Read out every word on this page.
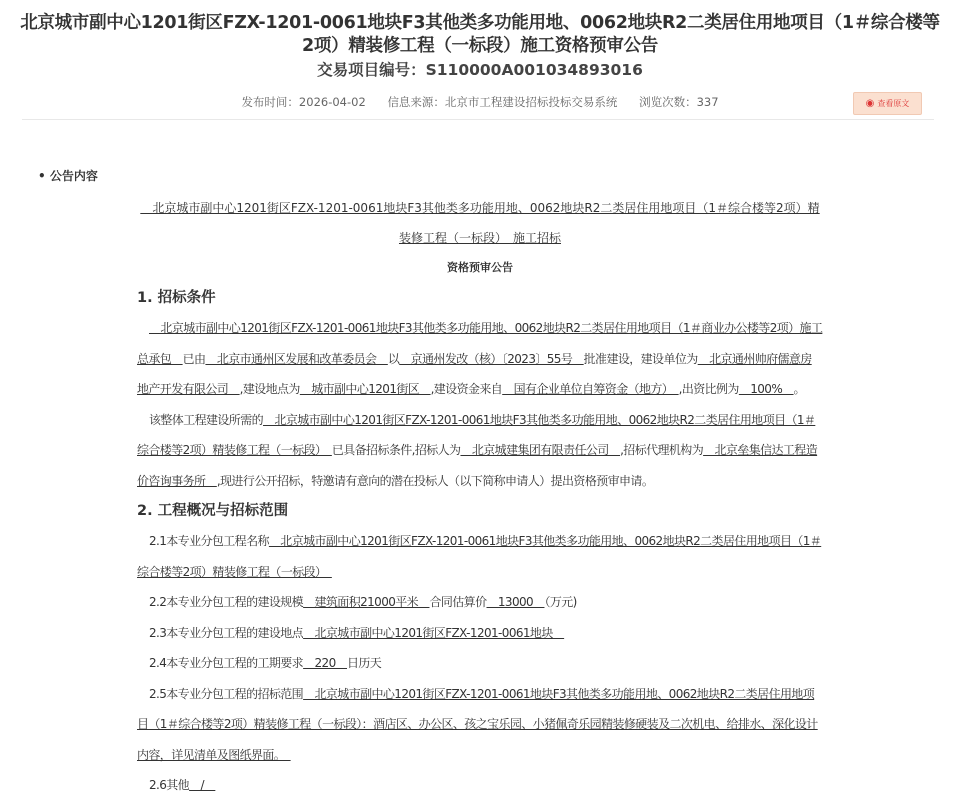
北京城市副中心1201街区FZX-1201-0061地块F3其他类多功能用地、0062地块R2二类居住用地项目（1＃综合楼等2项）精装修工程（一标段）施工资格预审公告
交易项目编号：S110000A001034893016
发布时间：2026-04-02 信息来源：北京市工程建设招标投标交易系统 浏览次数：337	◉ 查看原文
• 公告内容

　北京城市副中心1201街区FZX-1201-0061地块F3其他类多功能用地、0062地块R2二类居住用地项目（1＃综合楼等2项）精装修工程（一标段）　施工招标

资格预审公告

1. 招标条件

　北京城市副中心1201街区FZX-1201-0061地块F3其他类多功能用地、0062地块R2二类居住用地项目（1＃商业办公楼等2项）施工总承包　已由　北京市通州区发展和改革委员会　以　京通州发改（核）〔2023〕55号　批准建设，建设单位为　北京通州帅府儒意房地产开发有限公司　,建设地点为　城市副中心1201街区　,建设资金来自　国有企业单位自筹资金（地方）　,出资比例为　100%　。

该整体工程建设所需的　北京城市副中心1201街区FZX-1201-0061地块F3其他类多功能用地、0062地块R2二类居住用地项目（1＃综合楼等2项）精装修工程（一标段）　已具备招标条件,招标人为　北京城建集团有限责任公司　,招标代理机构为　北京垒集信达工程造价咨询事务所　,现进行公开招标，特邀请有意向的潜在投标人（以下简称申请人）提出资格预审申请。

2. 工程概况与招标范围

2.1本专业分包工程名称　北京城市副中心1201街区FZX-1201-0061地块F3其他类多功能用地、0062地块R2二类居住用地项目（1＃综合楼等2项）精装修工程（一标段）　

2.2本专业分包工程的建设规模　建筑面积21000平米　合同估算价　13000　（万元)

2.3本专业分包工程的建设地点　北京城市副中心1201街区FZX-1201-0061地块　

2.4本专业分包工程的工期要求　220　日历天

2.5本专业分包工程的招标范围　北京城市副中心1201街区FZX-1201-0061地块F3其他类多功能用地、0062地块R2二类居住用地项目（1＃综合楼等2项）精装修工程（一标段）：酒店区、办公区、孩之宝乐园、小猪佩奇乐园精装修硬装及二次机电、给排水、深化设计内容，详见清单及图纸界面。　

2.6其他　/　
